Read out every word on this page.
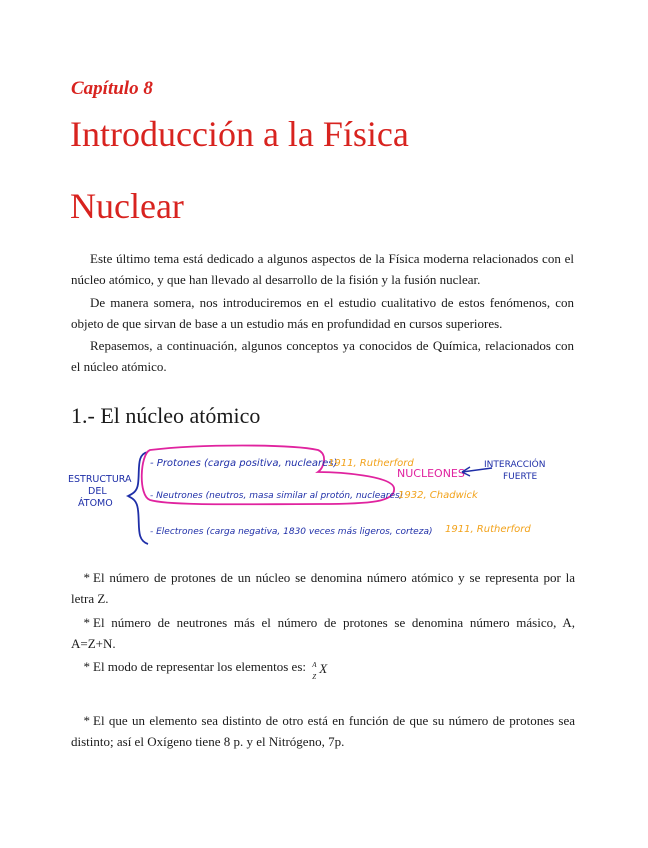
Capítulo 8
Introducción a la Física
Nuclear

Este último tema está dedicado a algunos aspectos de la Física moderna relacionados con el núcleo atómico, y que han llevado al desarrollo de la fisión y la fusión nuclear.

De manera somera, nos introduciremos en el estudio cualitativo de estos fenómenos, con objeto de que sirvan de base a un estudio más en profundidad en cursos superiores.

Repasemos, a continuación, algunos conceptos ya conocidos de Química, relacionados con el núcleo atómico.

1.- El núcleo atómico
ESTRUCTURA
DEL
ÁTOMO
- Protones (carga positiva, nucleares)
1911, Rutherford
NUCLEONES
INTERACCIÓN
FUERTE
- Neutrones (neutros, masa similar al protón, nucleares)
1932, Chadwick
- Electrones (carga negativa, 1830 veces más ligeros, corteza) 1911, Rutherford

* El número de protones de un núcleo se denomina número atómico y se representa por la letra Z.

* El número de neutrones más el número de protones se denomina número másico, A, A=Z+N.

* El modo de representar los elementos es: A
Z
X

* El que un elemento sea distinto de otro está en función de que su número de protones sea distinto; así el Oxígeno tiene 8 p. y el Nitrógeno, 7p.
